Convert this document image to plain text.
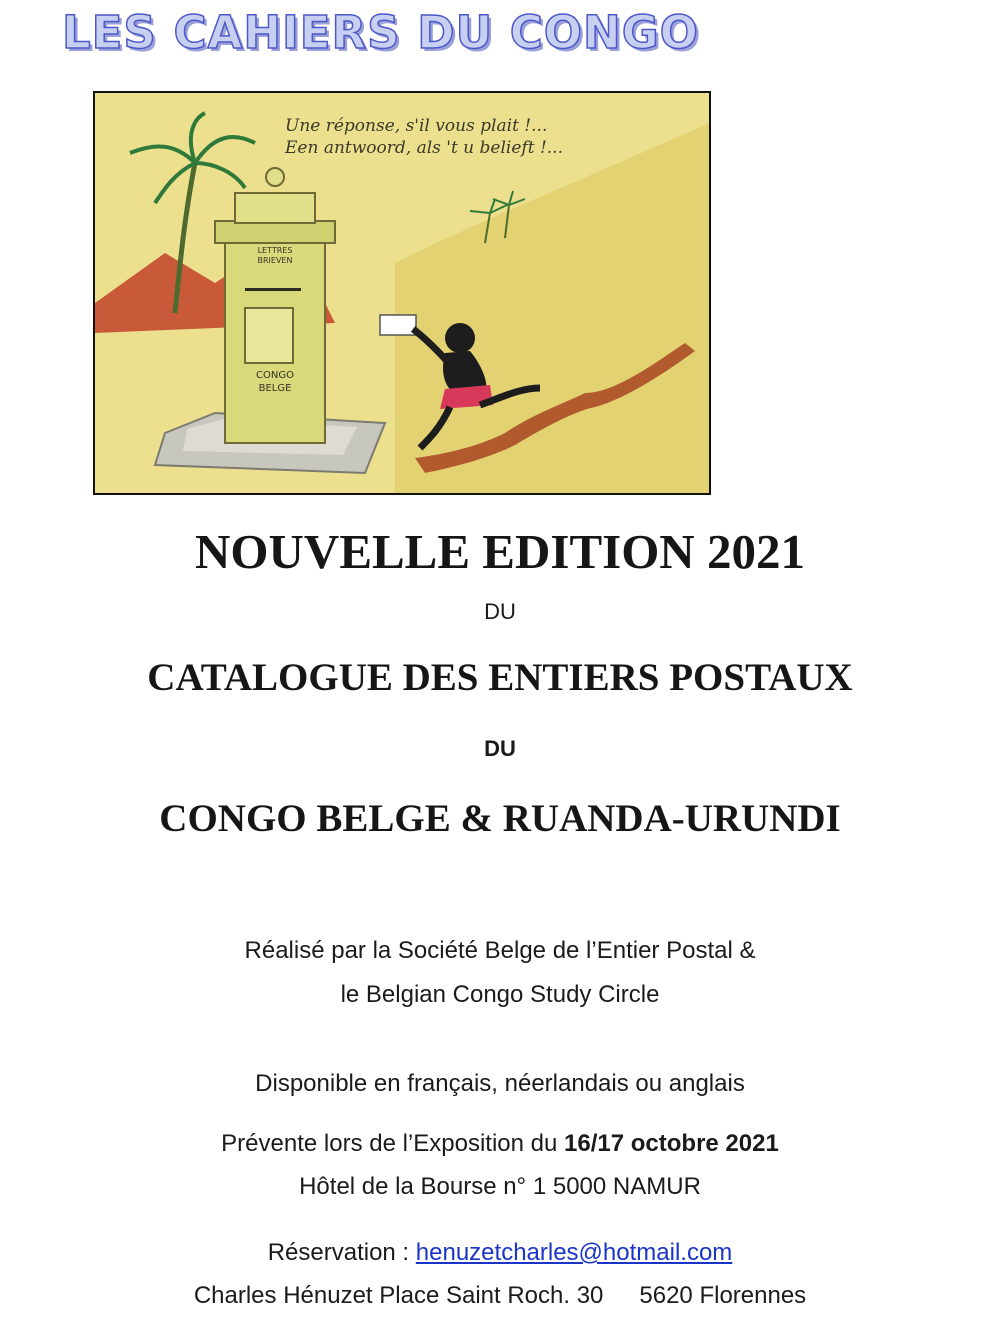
LES CAHIERS DU CONGO
LETTRES
BRIEVEN
CONGO
BELGE
Une réponse, s'il vous plait !...
Een antwoord, als 't u belieft !...
NOUVELLE EDITION 2021

DU

CATALOGUE DES ENTIERS POSTAUX

DU

CONGO BELGE & RUANDA-URUNDI

Réalisé par la Société Belge de l’Entier Postal &

le Belgian Congo Study Circle

Disponible en français, néerlandais ou anglais

Prévente lors de l’Exposition du 16/17 octobre 2021

Hôtel de la Bourse n° 1 5000 NAMUR

Réservation : henuzetcharles@hotmail.com

Charles Hénuzet Place Saint Roch. 30 5620 Florennes
